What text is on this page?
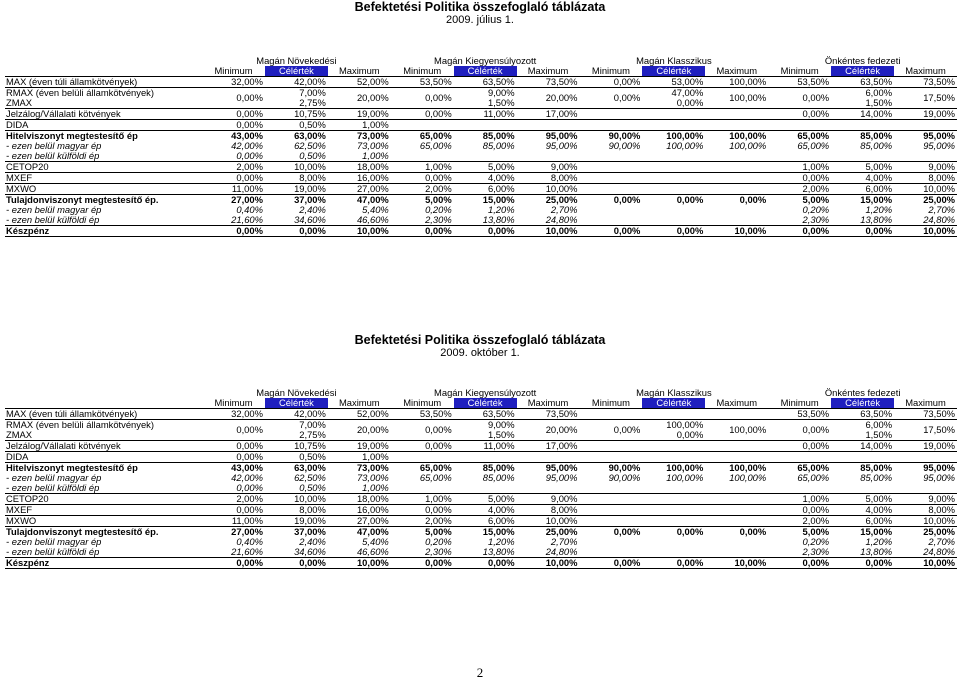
Befektetési Politika összefoglaló táblázata
2009. július 1.
	Magán Növekedési			Magán Kiegyensúlyozott			Magán Klasszikus			Önkéntes fedezeti		
	Minimum	Célérték	Maximum	Minimum	Célérték	Maximum	Minimum	Célérték	Maximum	Minimum	Célérték	Maximum
MAX (éven túli államkötvények)	32,00%	42,00%	52,00%	53,50%	63,50%	73,50%	0,00%	53,00%	100,00%	53,50%	63,50%	73,50%
RMAX (éven belüli államkötvények)	0,00%	7,00%	20,00%	0,00%	9,00%	20,00%	0,00%	47,00%	100,00%	0,00%	6,00%	17,50%
ZMAX		2,75%			1,50%			0,00%			1,50%	
Jelzálog/Vállalati kötvények	0,00%	10,75%	19,00%	0,00%	11,00%	17,00%				0,00%	14,00%	19,00%
DIDA	0,00%	0,50%	1,00%									
Hitelviszonyt megtestesítő ép	43,00%	63,00%	73,00%	65,00%	85,00%	95,00%	90,00%	100,00%	100,00%	65,00%	85,00%	95,00%
- ezen belül magyar ép	42,00%	62,50%	73,00%	65,00%	85,00%	95,00%	90,00%	100,00%	100,00%	65,00%	85,00%	95,00%
- ezen belül külföldi ép	0,00%	0,50%	1,00%									
CETOP20	2,00%	10,00%	18,00%	1,00%	5,00%	9,00%				1,00%	5,00%	9,00%
MXEF	0,00%	8,00%	16,00%	0,00%	4,00%	8,00%				0,00%	4,00%	8,00%
MXWO	11,00%	19,00%	27,00%	2,00%	6,00%	10,00%				2,00%	6,00%	10,00%
Tulajdonviszonyt megtestesítő ép.	27,00%	37,00%	47,00%	5,00%	15,00%	25,00%	0,00%	0,00%	0,00%	5,00%	15,00%	25,00%
- ezen belül magyar ép	0,40%	2,40%	5,40%	0,20%	1,20%	2,70%				0,20%	1,20%	2,70%
- ezen belül külföldi ép	21,60%	34,60%	46,60%	2,30%	13,80%	24,80%				2,30%	13,80%	24,80%
Készpénz	0,00%	0,00%	10,00%	0,00%	0,00%	10,00%	0,00%	0,00%	10,00%	0,00%	0,00%	10,00%
Befektetési Politika összefoglaló táblázata
2009. október 1.
	Magán Növekedési			Magán Kiegyensúlyozott			Magán Klasszikus			Önkéntes fedezeti		
	Minimum	Célérték	Maximum	Minimum	Célérték	Maximum	Minimum	Célérték	Maximum	Minimum	Célérték	Maximum
MAX (éven túli államkötvények)	32,00%	42,00%	52,00%	53,50%	63,50%	73,50%				53,50%	63,50%	73,50%
RMAX (éven belüli államkötvények)	0,00%	7,00%	20,00%	0,00%	9,00%	20,00%	0,00%	100,00%	100,00%	0,00%	6,00%	17,50%
ZMAX		2,75%			1,50%			0,00%			1,50%	
Jelzálog/Vállalati kötvények	0,00%	10,75%	19,00%	0,00%	11,00%	17,00%				0,00%	14,00%	19,00%
DIDA	0,00%	0,50%	1,00%									
Hitelviszonyt megtestesítő ép	43,00%	63,00%	73,00%	65,00%	85,00%	95,00%	90,00%	100,00%	100,00%	65,00%	85,00%	95,00%
- ezen belül magyar ép	42,00%	62,50%	73,00%	65,00%	85,00%	95,00%	90,00%	100,00%	100,00%	65,00%	85,00%	95,00%
- ezen belül külföldi ép	0,00%	0,50%	1,00%									
CETOP20	2,00%	10,00%	18,00%	1,00%	5,00%	9,00%				1,00%	5,00%	9,00%
MXEF	0,00%	8,00%	16,00%	0,00%	4,00%	8,00%				0,00%	4,00%	8,00%
MXWO	11,00%	19,00%	27,00%	2,00%	6,00%	10,00%				2,00%	6,00%	10,00%
Tulajdonviszonyt megtestesítő ép.	27,00%	37,00%	47,00%	5,00%	15,00%	25,00%	0,00%	0,00%	0,00%	5,00%	15,00%	25,00%
- ezen belül magyar ép	0,40%	2,40%	5,40%	0,20%	1,20%	2,70%				0,20%	1,20%	2,70%
- ezen belül külföldi ép	21,60%	34,60%	46,60%	2,30%	13,80%	24,80%				2,30%	13,80%	24,80%
Készpénz	0,00%	0,00%	10,00%	0,00%	0,00%	10,00%	0,00%	0,00%	10,00%	0,00%	0,00%	10,00%
2
